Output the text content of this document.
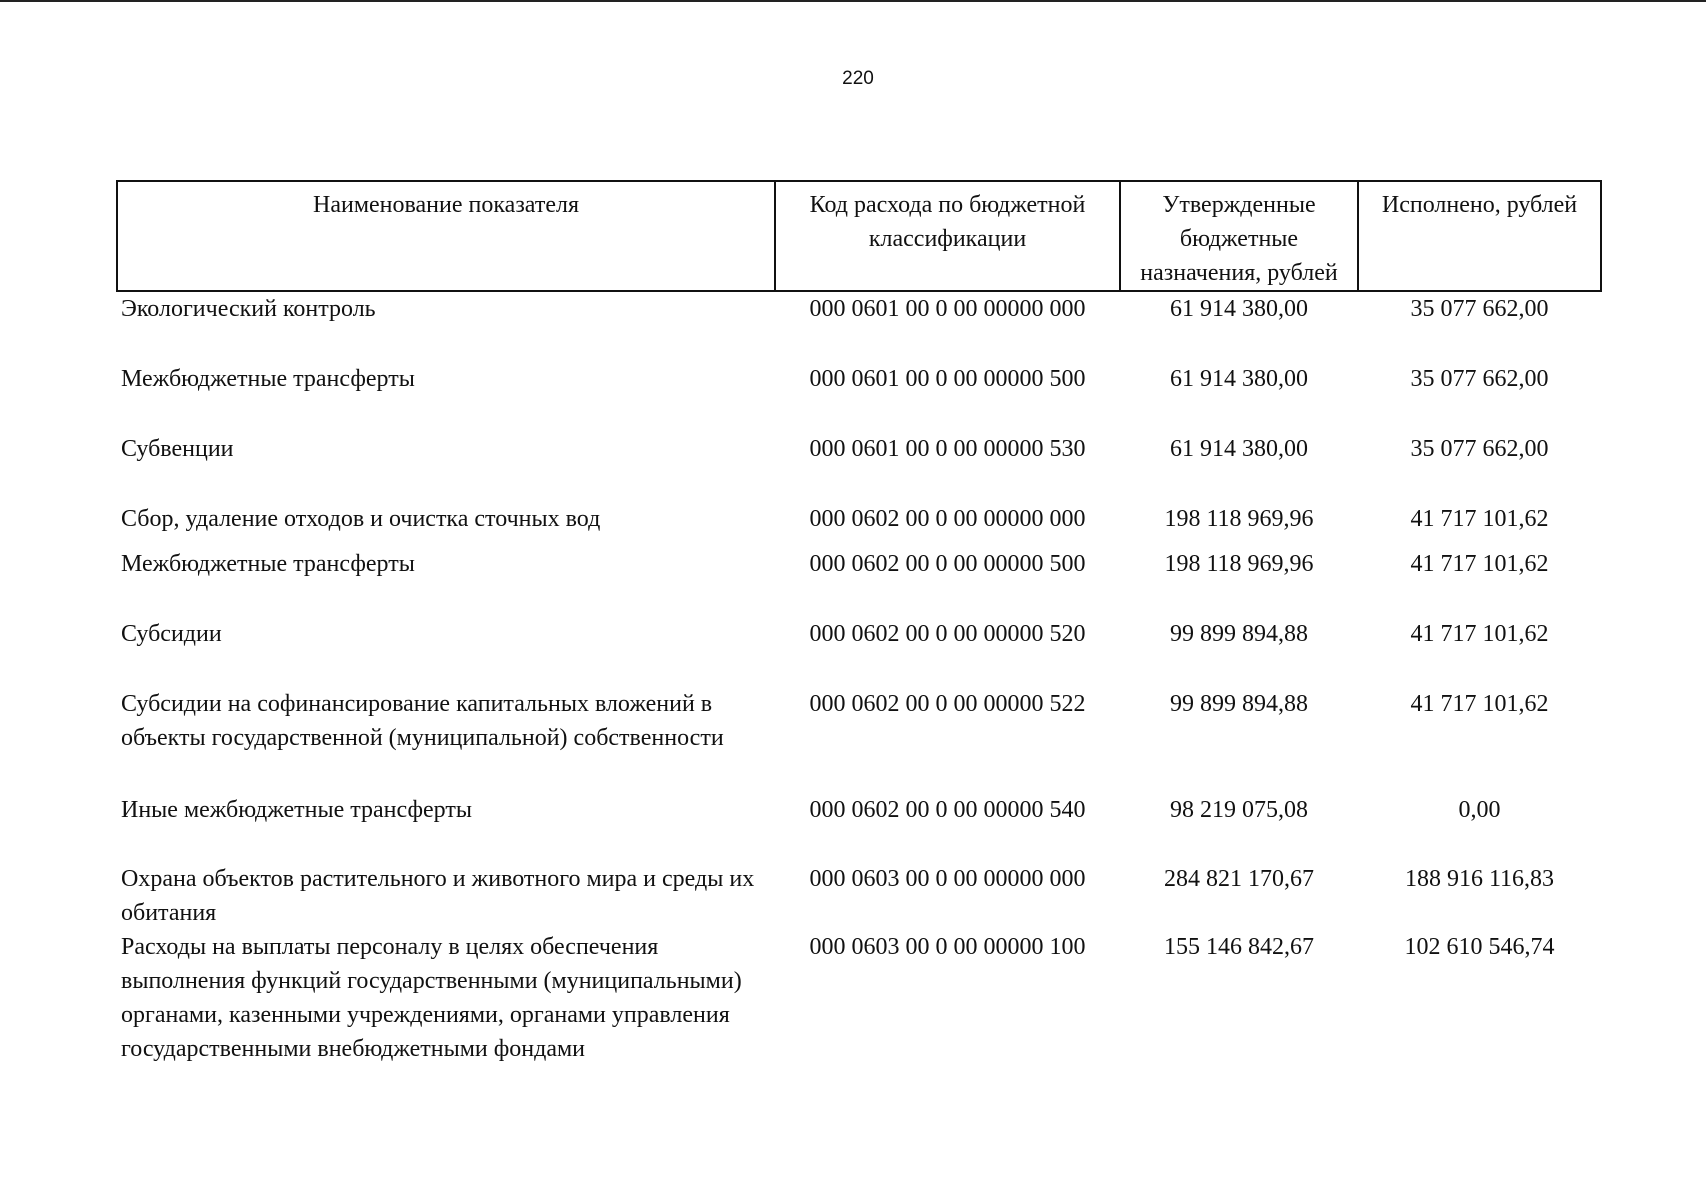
220
Наименование показателя	Код расхода по бюджетной классификации	Утвержденные бюджетные назначения, рублей	Исполнено, рублей
Экологический контроль	000 0601 00 0 00 00000 000	61 914 380,00	35 077 662,00
Межбюджетные трансферты	000 0601 00 0 00 00000 500	61 914 380,00	35 077 662,00
Субвенции	000 0601 00 0 00 00000 530	61 914 380,00	35 077 662,00
Сбор, удаление отходов и очистка сточных вод	000 0602 00 0 00 00000 000	198 118 969,96	41 717 101,62
Межбюджетные трансферты	000 0602 00 0 00 00000 500	198 118 969,96	41 717 101,62
Субсидии	000 0602 00 0 00 00000 520	99 899 894,88	41 717 101,62
Субсидии на софинансирование капитальных вложений в объекты государственной (муниципальной) собственности	000 0602 00 0 00 00000 522	99 899 894,88	41 717 101,62
Иные межбюджетные трансферты	000 0602 00 0 00 00000 540	98 219 075,08	0,00
Охрана объектов растительного и животного мира и среды их обитания	000 0603 00 0 00 00000 000	284 821 170,67	188 916 116,83
Расходы на выплаты персоналу в целях обеспечения выполнения функций государственными (муниципальными) органами, казенными учреждениями, органами управления государственными внебюджетными фондами	000 0603 00 0 00 00000 100	155 146 842,67	102 610 546,74
